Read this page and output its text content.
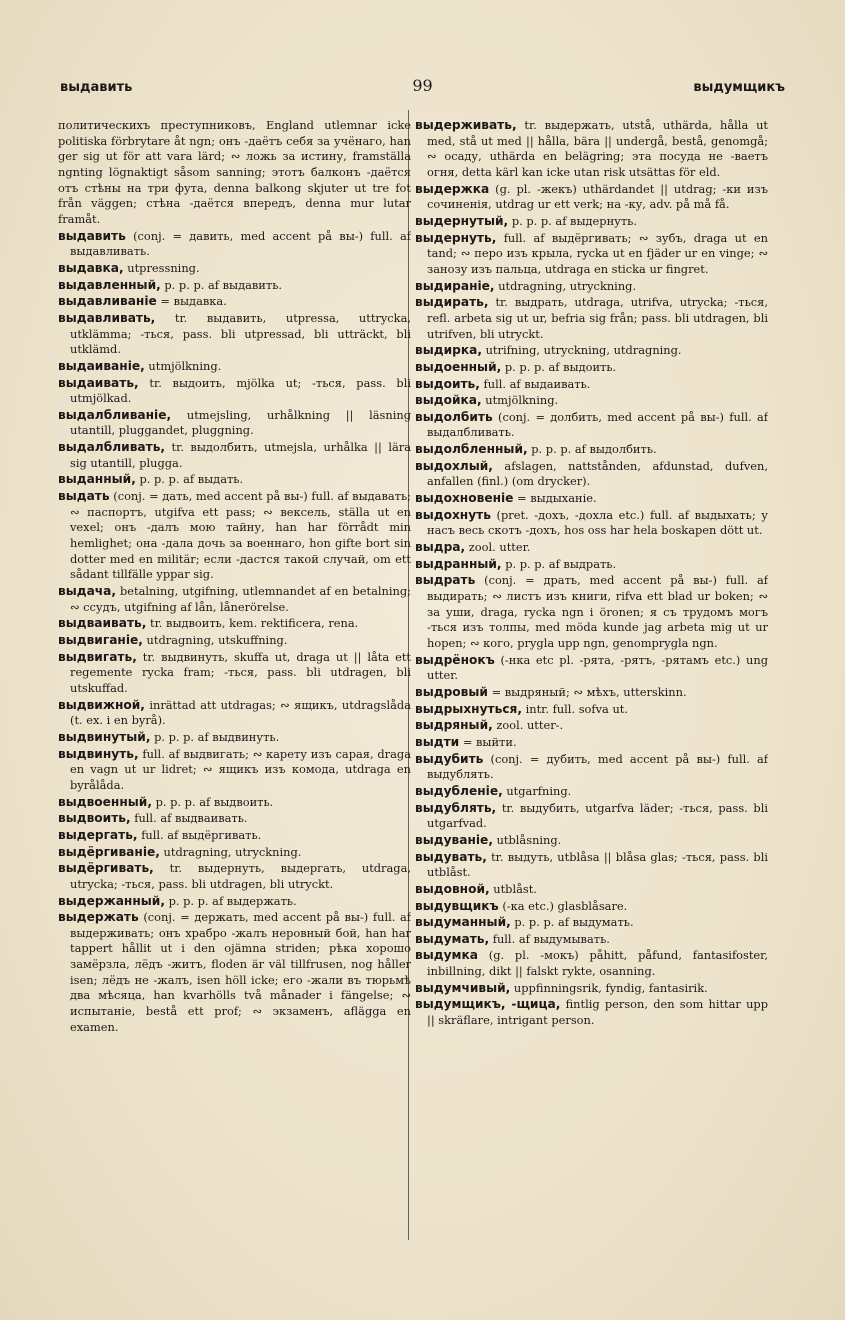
выдавить	99	выдумщикъ

политическихъ преступниковъ, England utlemnar icke politiska förbrytare åt ngn; онъ -даётъ себя за учёнаго, han ger sig ut för att vara lärd; ∾ ложь за истину, framställa ngnting lögnaktigt såsom sanning; этотъ балконъ -даётся отъ стѣны на три фута, denna balkong skjuter ut tre fot från väggen; стѣна -даётся впередъ, denna mur lutar framåt.

выдавить (conj. = давить, med accent på вы-) full. af выдавливать.

выдавка, utpressning.

выдавленный, p. p. p. af выдавить.

выдавливаніе = выдавка.

выдавливать, tr. выдавить, utpressa, uttrycka, utklämma; -ться, pass. bli utpressad, bli utträckt, bli utklämd.

выдаиваніе, utmjölkning.

выдаивать, tr. выдоить, mjölka ut; -ться, pass. bli utmjölkad.

выдалбливаніе, utmejsling, urhålkning || läsning utantill, pluggandet, pluggning.

выдалбливать, tr. выдолбить, utmejsla, urhålka || lära sig utantill, plugga.

выданный, p. p. p. af выдать.

выдать (conj. = дать, med accent på вы-) full. af выдавать; ∾ паспортъ, utgifva ett pass; ∾ вексель, ställa ut en vexel; онъ -далъ мою тайну, han har förrådt min hemlighet; она -дала дочь за военнаго, hon gifte bort sin dotter med en militär; если -дастся такой случай, om ett sådant tillfälle yppar sig.

выдача, betalning, utgifning, utlemnandet af en betalning; ∾ ссудъ, utgifning af lån, lånerörelse.

выдваивать, tr. выдвоить, kem. rektificera, rena.

выдвиганіе, utdragning, utskuffning.

выдвигать, tr. выдвинуть, skuffa ut, draga ut || låta ett regemente rycka fram; -ться, pass. bli utdragen, bli utskuffad.

выдвижной, inrättad att utdragas; ∾ ящикъ, utdragslåda (t. ex. i en byrå).

выдвинутый, p. p. p. af выдвинуть.

выдвинуть, full. af выдвигать; ∾ карету изъ сарая, draga en vagn ut ur lidret; ∾ ящикъ изъ комода, utdraga en byrålåda.

выдвоенный, p. p. p. af выдвоить.

выдвоить, full. af выдваивать.

выдергать, full. af выдёргивать.

выдёргиваніе, utdragning, utryckning.

выдёргивать, tr. выдернуть, выдергать, utdraga, utrycka; -ться, pass. bli utdragen, bli utryckt.

выдержанный, p. p. p. af выдержать.

выдержать (conj. = держать, med accent på вы-) full. af выдерживать; онъ храбро -жалъ неровный бой, han har tappert hållit ut i den ojämna striden; рѣка хорошо замёрзла, лёдъ -житъ, floden är väl tillfrusen, nog håller isen; лёдъ не -жалъ, isen höll icke; его -жали въ тюрьмѣ два мѣсяца, han kvarhölls två månader i fängelse; ∾ испытаніе, bestå ett prof; ∾ экзаменъ, aflägga en examen.

выдерживать, tr. выдержать, utstå, uthärda, hålla ut med, stå ut med || hålla, bära || undergå, bestå, genomgå; ∾ осаду, uthärda en belägring; эта посуда не -ваетъ огня, detta kärl kan icke utan risk utsättas för eld.

выдержка (g. pl. -жекъ) uthärdandet || utdrag; -ки изъ сочиненія, utdrag ur ett verk; на -ку, adv. på må få.

выдернутый, p. p. p. af выдернуть.

выдернуть, full. af выдёргивать; ∾ зубъ, draga ut en tand; ∾ перо изъ крыла, rycka ut en fjäder ur en vinge; ∾ занозу изъ пальца, utdraga en sticka ur fingret.

выдираніе, utdragning, utryckning.

выдирать, tr. выдрать, utdraga, utrifva, utrycka; -ться, refl. arbeta sig ut ur, befria sig från; pass. bli utdragen, bli utrifven, bli utryckt.

выдирка, utrifning, utryckning, utdragning.

выдоенный, p. p. p. af выдоить.

выдоить, full. af выдаивать.

выдойка, utmjölkning.

выдолбить (conj. = долбить, med accent på вы-) full. af выдалбливать.

выдолбленный, p. p. p. af выдолбить.

выдохлый, afslagen, nattstånden, afdunstad, dufven, anfallen (finl.) (om drycker).

выдохновеніе = выдыханіе.

выдохнуть (pret. -дохъ, -дохла etc.) full. af выдыхать; у насъ весь скотъ -дохъ, hos oss har hela boskapen dött ut.

выдра, zool. utter.

выдранный, p. p. p. af выдрать.

выдрать (conj. = драть, med accent på вы-) full. af выдирать; ∾ листъ изъ книги, rifva ett blad ur boken; ∾ за уши, draga, rycka ngn i öronen; я съ трудомъ могъ -ться изъ толпы, med möda kunde jag arbeta mig ut ur hopen; ∾ кого, prygla upp ngn, genomprygla ngn.

выдрёнокъ (-нка etc pl. -рята, -рятъ, -рятамъ etc.) ung utter.

выдровый = выдряный; ∾ мѣхъ, utterskinn.

выдрыхнуться, intr. full. sofva ut.

выдряный, zool. utter-.

выдти = выйти.

выдубить (conj. = дубить, med accent på вы-) full. af выдублять.

выдубленіе, utgarfning.

выдублять, tr. выдубить, utgarfva läder; -ться, pass. bli utgarfvad.

выдуваніе, utblåsning.

выдувать, tr. выдуть, utblåsa || blåsa glas; -ться, pass. bli utblåst.

выдовной, utblåst.

выдувщикъ (-ка etc.) glasblåsare.

выдуманный, p. p. p. af выдумать.

выдумать, full. af выдумывать.

выдумка (g. pl. -мокъ) påhitt, påfund, fantasifoster, inbillning, dikt || falskt rykte, osanning.

выдумчивый, uppfinningsrik, fyndig, fantasirik.

выдумщикъ, -щица, fintlig person, den som hittar upp || skräflare, intrigant person.
